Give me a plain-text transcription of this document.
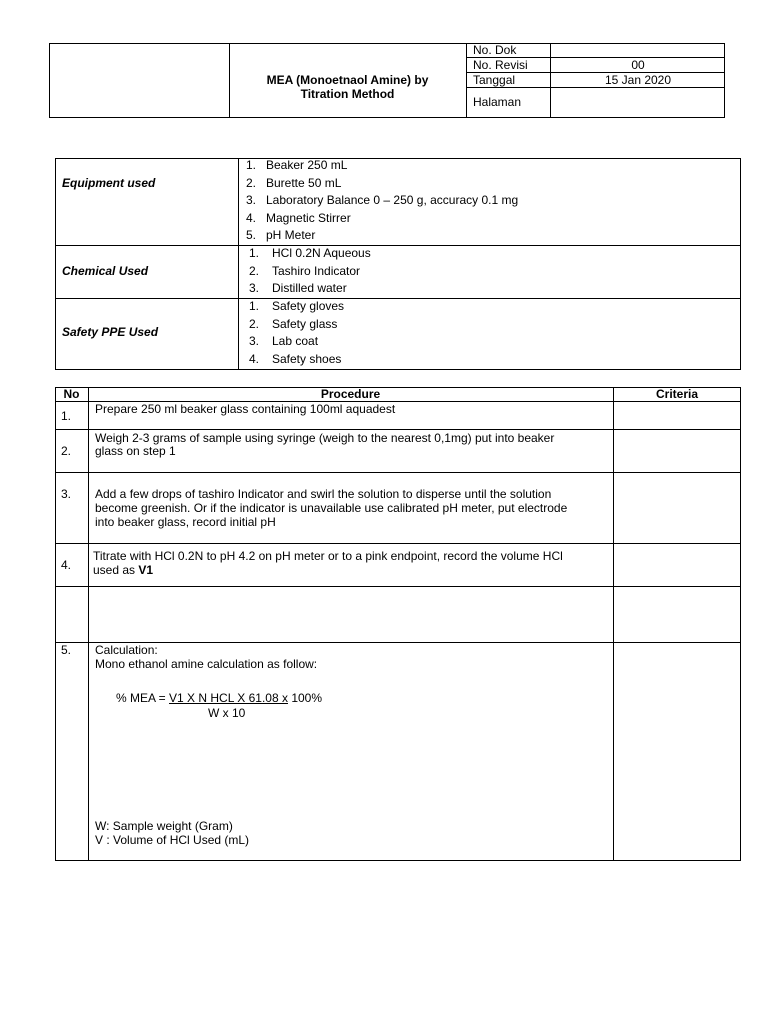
MEA (Monoetnaol Amine) by
Titration Method
No. Dok
No. Revisi	00
Tanggal	15 Jan 2020
Halaman
Equipment used
1. Beaker 250 mL
2. Burette 50 mL
3. Laboratory Balance 0 – 250 g, accuracy 0.1 mg
4. Magnetic Stirrer
5. pH Meter
Chemical Used
1. HCl 0.2N Aqueous
2. Tashiro Indicator
3. Distilled water
Safety PPE Used
1. Safety gloves
2. Safety glass
3. Lab coat
4. Safety shoes
No	Procedure	Criteria
1. Prepare 250 ml beaker glass containing 100ml aquadest
2.
Weigh 2-3 grams of sample using syringe (weigh to the nearest 0,1mg) put into beaker
glass on step 1
3. Add a few drops of tashiro Indicator and swirl the solution to disperse until the solution
become greenish. Or if the indicator is unavailable use calibrated pH meter, put electrode
into beaker glass, record initial pH
4.
Titrate with HCl 0.2N to pH 4.2 on pH meter or to a pink endpoint, record the volume HCl
used as V1
5. Calculation:
Mono ethanol amine calculation as follow:
% MEA = V1 X N HCL X 61.08 x 100%
W x 10
W: Sample weight (Gram)
V : Volume of HCl Used (mL)
